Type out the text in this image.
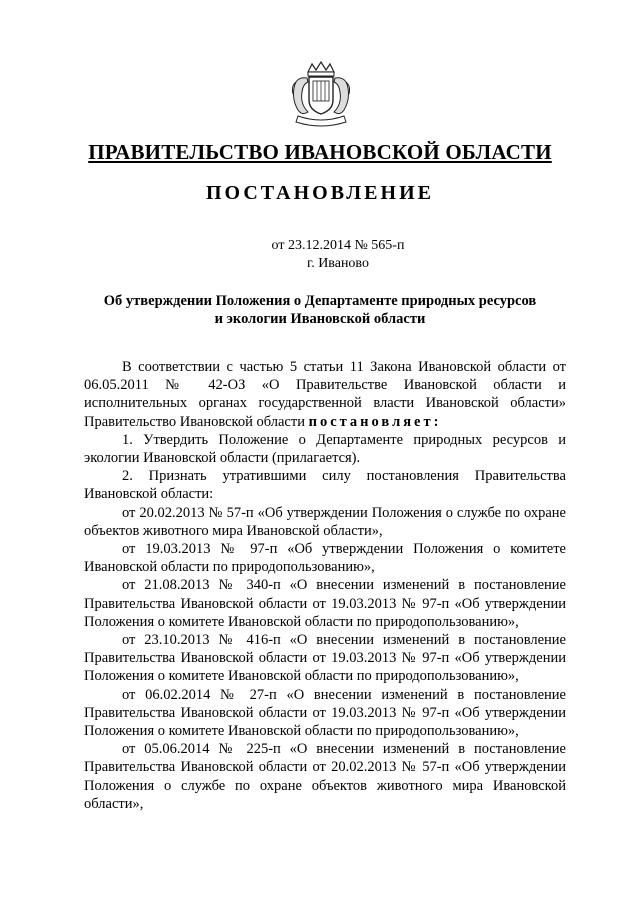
ПРАВИТЕЛЬСТВО ИВАНОВСКОЙ ОБЛАСТИ
ПОСТАНОВЛЕНИЕ
от 23.12.2014 № 565-п
г. Иваново
Об утверждении Положения о Департаменте природных ресурсов
и экологии Ивановской области

В соответствии с частью 5 статьи 11 Закона Ивановской области от 06.05.2011 № 42-ОЗ «О Правительстве Ивановской области и исполнительных органах государственной власти Ивановской области» Правительство Ивановской области постановляет:

1. Утвердить Положение о Департаменте природных ресурсов и экологии Ивановской области (прилагается).

2. Признать утратившими силу постановления Правительства Ивановской области:

от 20.02.2013 № 57-п «Об утверждении Положения о службе по охране объектов животного мира Ивановской области»,

от 19.03.2013 № 97-п «Об утверждении Положения о комитете Ивановской области по природопользованию»,

от 21.08.2013 № 340-п «О внесении изменений в постановление Правительства Ивановской области от 19.03.2013 № 97-п «Об утверждении Положения о комитете Ивановской области по природопользованию»,

от 23.10.2013 № 416-п «О внесении изменений в постановление Правительства Ивановской области от 19.03.2013 № 97-п «Об утверждении Положения о комитете Ивановской области по природопользованию»,

от 06.02.2014 № 27-п «О внесении изменений в постановление Правительства Ивановской области от 19.03.2013 № 97-п «Об утверждении Положения о комитете Ивановской области по природопользованию»,

от 05.06.2014 № 225-п «О внесении изменений в постановление Правительства Ивановской области от 20.02.2013 № 57-п «Об утверждении Положения о службе по охране объектов животного мира Ивановской области»,
